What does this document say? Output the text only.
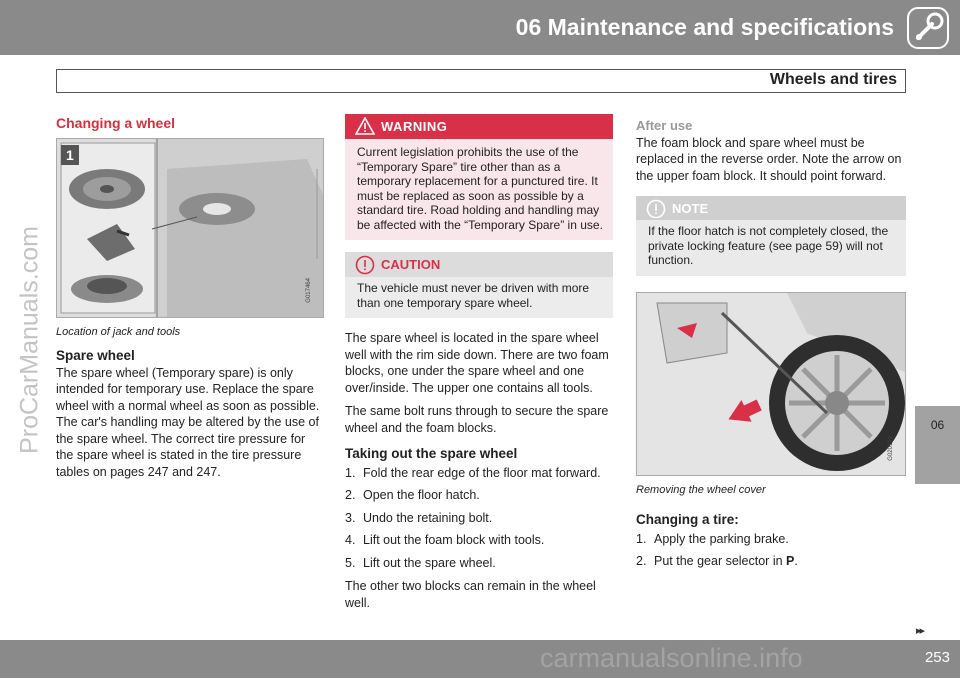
06 Maintenance and specifications
Wheels and tires
06
ProCarManuals.com
Changing a wheel
1
G017464
Location of jack and tools
Spare wheel

The spare wheel (Temporary spare) is only intended for temporary use. Replace the spare wheel with a normal wheel as soon as possible. The car's handling may be altered by the use of the spare wheel. The correct tire pressure for the spare wheel is stated in the tire pressure tables on pages 247 and 247.

WARNING
Current legislation prohibits the use of the “Temporary Spare” tire other than as a temporary replacement for a punctured tire. It must be replaced as soon as possible by a standard tire. Road holding and handling may be affected with the “Temporary Spare” in use.
CAUTION
The vehicle must never be driven with more than one temporary spare wheel.

The spare wheel is located in the spare wheel well with the rim side down. There are two foam blocks, one under the spare wheel and one over/inside. The upper one contains all tools.

The same bolt runs through to secure the spare wheel and the foam blocks.

Taking out the spare wheel
1. Fold the rear edge of the floor mat forward.
2. Open the floor hatch.
3. Undo the retaining bolt.
4. Lift out the foam block with tools.
5. Lift out the spare wheel.

The other two blocks can remain in the wheel well.

After use

The foam block and spare wheel must be replaced in the reverse order. Note the arrow on the upper foam block. It should point forward.

NOTE
If the floor hatch is not completely closed, the private locking feature (see page 59) will not function.
G020191
Removing the wheel cover
Changing a tire:
1. Apply the parking brake.
2. Put the gear selector in P.
▸▸
253
carmanualsonline.info
